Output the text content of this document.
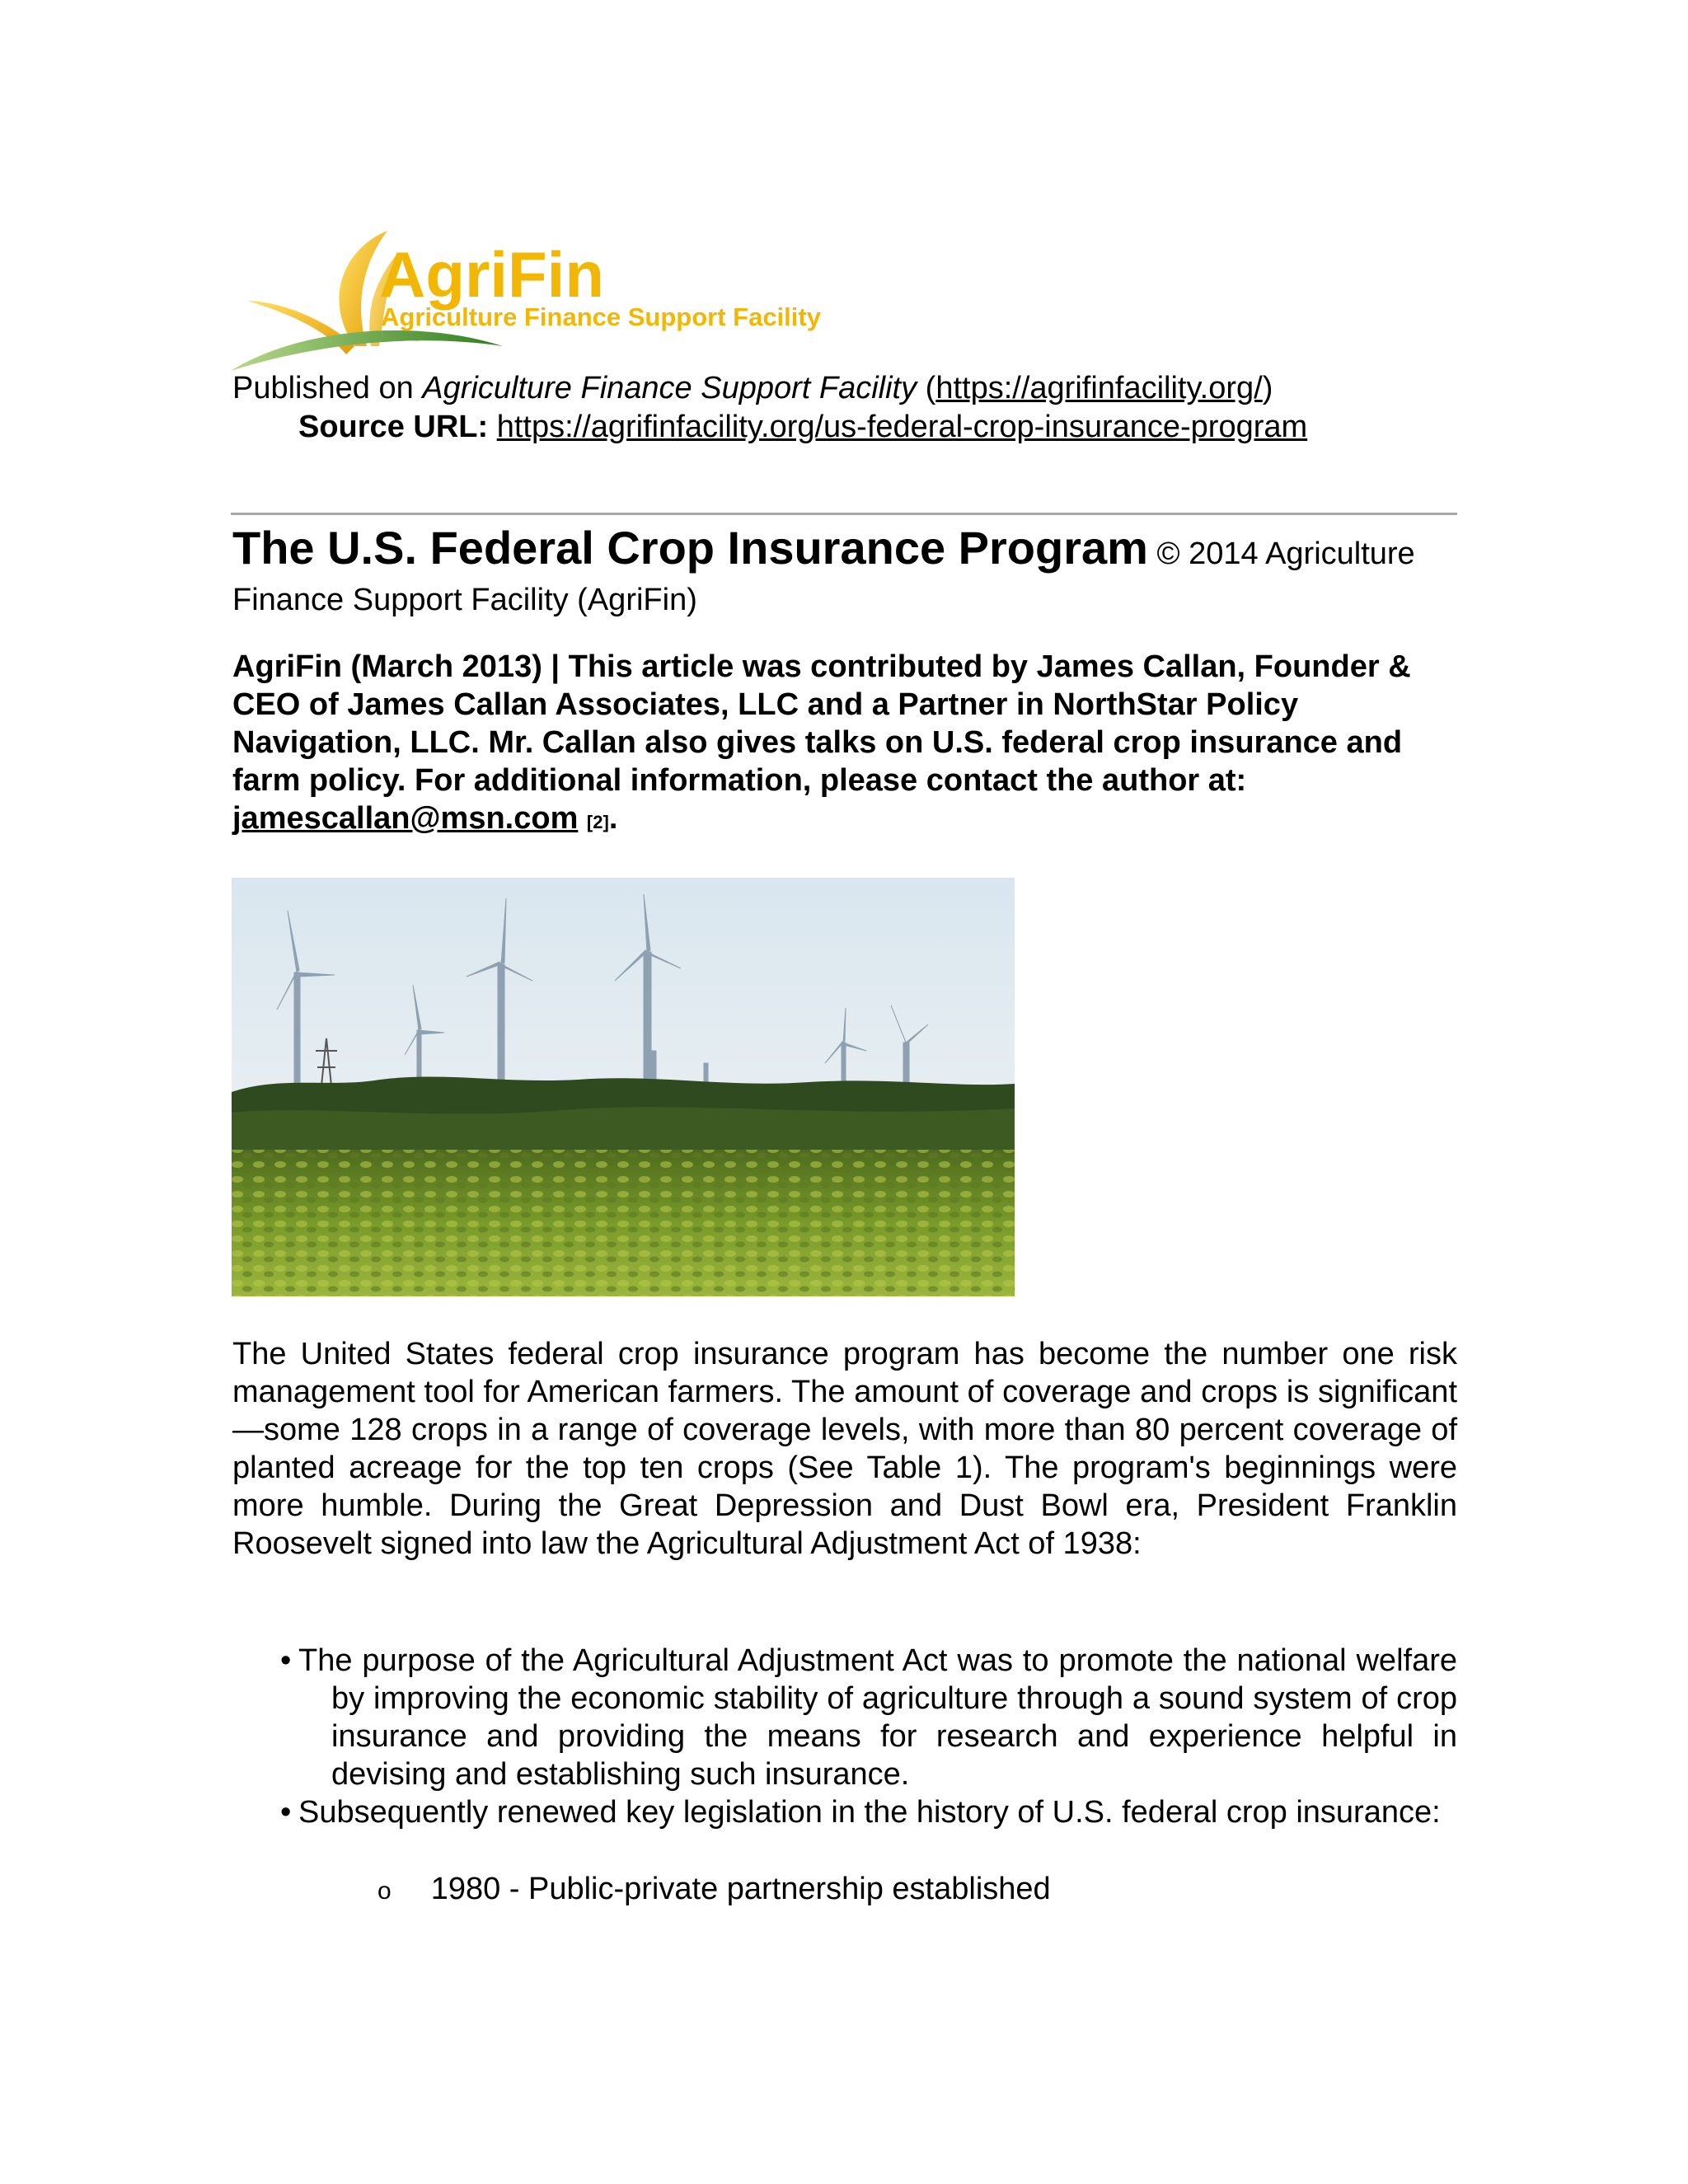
AgriFin
Agriculture Finance Support Facility
Published on Agriculture Finance Support Facility (https://agrifinfacility.org/)
Source URL: https://agrifinfacility.org/us-federal-crop-insurance-program
The U.S. Federal Crop Insurance Program © 2014 Agriculture
Finance Support Facility (AgriFin)
AgriFin (March 2013) | This article was contributed by James Callan, Founder & CEO of James Callan Associates, LLC and a Partner in NorthStar Policy Navigation, LLC. Mr. Callan also gives talks on U.S. federal crop insurance and farm policy. For additional information, please contact the author at: jamescallan@msn.com [2].
The United States federal crop insurance program has become the number one risk management tool for American farmers. The amount of coverage and crops is significant—some 128 crops in a range of coverage levels, with more than 80 percent coverage of planted acreage for the top ten crops (See Table 1). The program's beginnings were more humble. During the Great Depression and Dust Bowl era, President Franklin Roosevelt signed into law the Agricultural Adjustment Act of 1938:
• The purpose of the Agricultural Adjustment Act was to promote the national welfare by improving the economic stability of agriculture through a sound system of crop insurance and providing the means for research and experience helpful in devising and establishing such insurance.
• Subsequently renewed key legislation in the history of U.S. federal crop insurance:
o 1980 - Public-private partnership established
